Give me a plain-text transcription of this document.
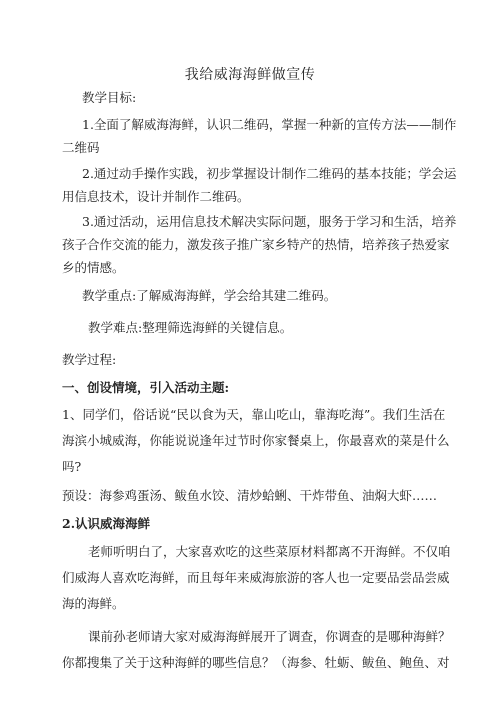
我给威海海鲜做宣传
教学目标:
1.全面了解威海海鲜，认识二维码，掌握一种新的宣传方法——制作
二维码
2.通过动手操作实践，初步掌握设计制作二维码的基本技能；学会运
用信息技术，设计并制作二维码。
3.通过活动，运用信息技术解决实际问题，服务于学习和生活，培养
孩子合作交流的能力，激发孩子推广家乡特产的热情，培养孩子热爱家
乡的情感。
教学重点:了解威海海鲜，学会给其建二维码。
教学难点:整理筛选海鲜的关键信息。
教学过程:
一、创设情境，引入活动主题:
1、同学们，俗话说“民以食为天，靠山吃山，靠海吃海”。我们生活在
海滨小城威海，你能说说逢年过节时你家餐桌上，你最喜欢的菜是什么
吗?
预设：海参鸡蛋汤、鲅鱼水饺、清炒蛤蜊、干炸带鱼、油焖大虾……
2.认识威海海鲜
老师听明白了，大家喜欢吃的这些菜原材料都离不开海鲜。不仅咱
们威海人喜欢吃海鲜，而且每年来威海旅游的客人也一定要品尝品尝威
海的海鲜。
课前孙老师请大家对威海海鲜展开了调查，你调查的是哪种海鲜？
你都搜集了关于这种海鲜的哪些信息？（海参、牡蛎、鲅鱼、鲍鱼、对
